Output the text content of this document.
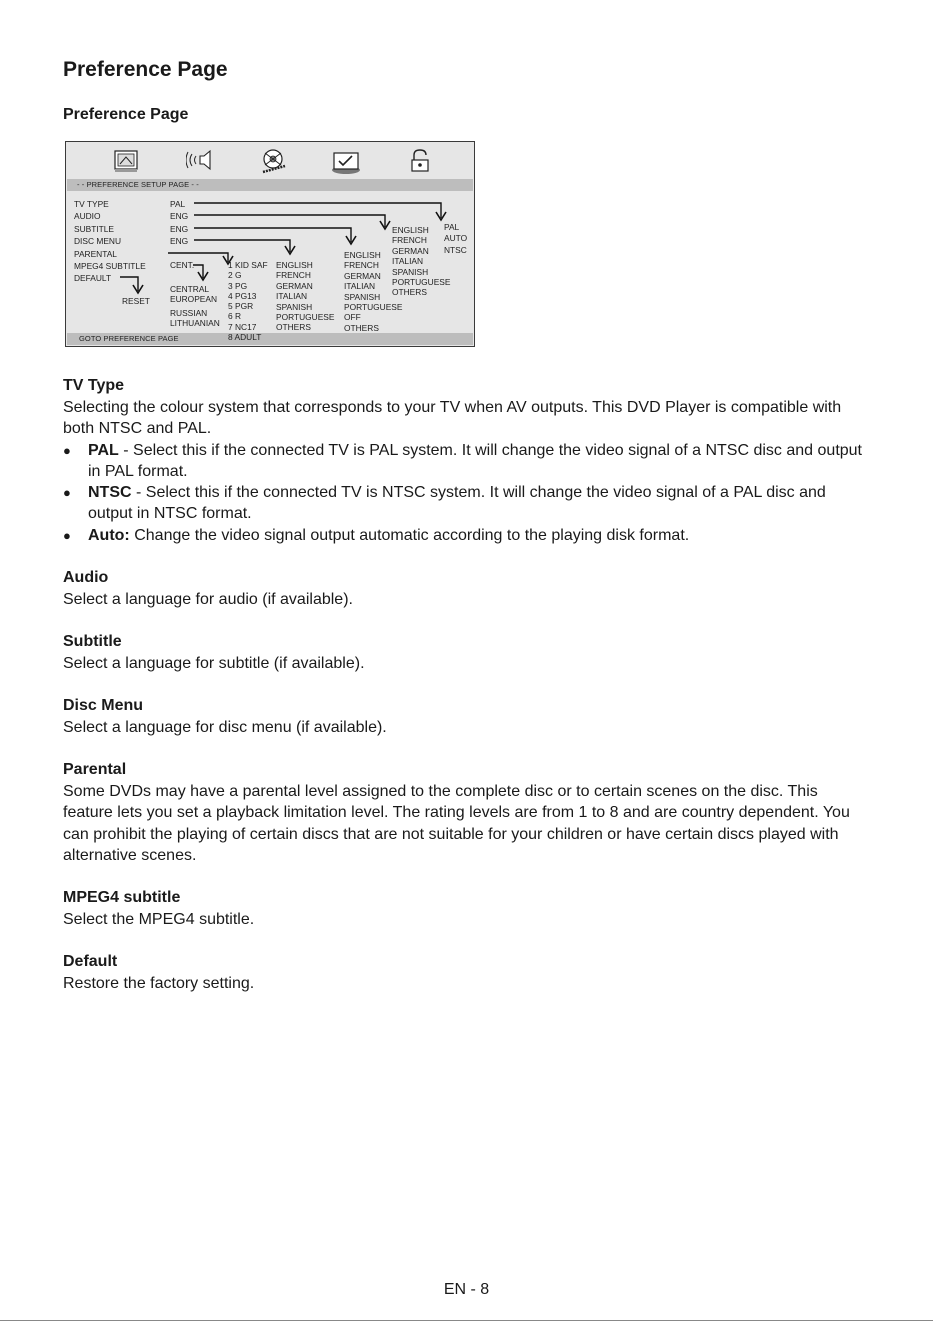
Preference Page
Preference Page
- - PREFERENCE SETUP PAGE - -
GOTO PREFERENCE PAGE
TV TYPE
AUDIO
SUBTITLE
DISC MENU
PARENTAL
MPEG4 SUBTITLE
DEFAULT
PAL
ENG
ENG
ENG
CENT.
RESET
CENTRAL
EUROPEAN
RUSSIAN
LITHUANIAN
1 KID SAF
2 G
3 PG
4 PG13
5 PGR
6 R
7 NC17
8 ADULT
ENGLISH
FRENCH
GERMAN
ITALIAN
SPANISH
PORTUGUESE
OTHERS
ENGLISH
FRENCH
GERMAN
ITALIAN
SPANISH
PORTUGUESE
OFF
OTHERS
ENGLISH
FRENCH
GERMAN
ITALIAN
SPANISH
PORTUGUESE
OTHERS
PAL
AUTO
NTSC
TV Type

Selecting the colour system that corresponds to your TV when AV outputs. This DVD Player is compatible with both NTSC and PAL.

● PAL - Select this if the connected TV is PAL system. It will change the video signal of a NTSC disc and output in PAL format.
● NTSC - Select this if the connected TV is NTSC system. It will change the video signal of a PAL disc and output in NTSC format.
● Auto: Change the video signal output automatic according to the playing disk format.
Audio

Select a language for audio (if available).

Subtitle

Select a language for subtitle (if available).

Disc Menu

Select a language for disc menu (if available).

Parental

Some DVDs may have a parental level assigned to the complete disc or to certain scenes on the disc. This feature lets you set a playback limitation level. The rating levels are from 1 to 8 and are country dependent. You can prohibit the playing of certain discs that are not suitable for your children or have certain discs played with alternative scenes.

MPEG4 subtitle

Select the MPEG4 subtitle.

Default

Restore the factory setting.

EN - 8
